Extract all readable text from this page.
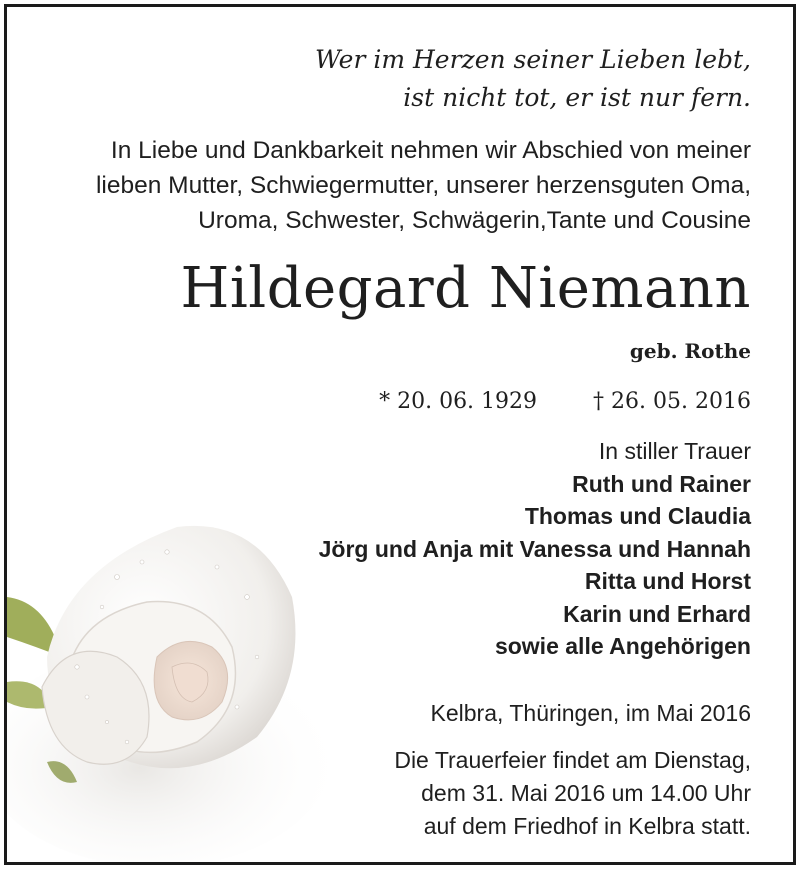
Wer im Herzen seiner Lieben lebt,
ist nicht tot, er ist nur fern.
In Liebe und Dankbarkeit nehmen wir Abschied von meiner
lieben Mutter, Schwiegermutter, unserer herzensguten Oma,
Uroma, Schwester, Schwägerin,Tante und Cousine
Hildegard Niemann
geb. Rothe
* 20. 06. 1929	† 26. 05. 2016
In stiller Trauer
Ruth und Rainer
Thomas und Claudia
Jörg und Anja mit Vanessa und Hannah
Ritta und Horst
Karin und Erhard
sowie alle Angehörigen
Kelbra, Thüringen, im Mai 2016
Die Trauerfeier findet am Dienstag,
dem 31. Mai 2016 um 14.00 Uhr
auf dem Friedhof in Kelbra statt.
